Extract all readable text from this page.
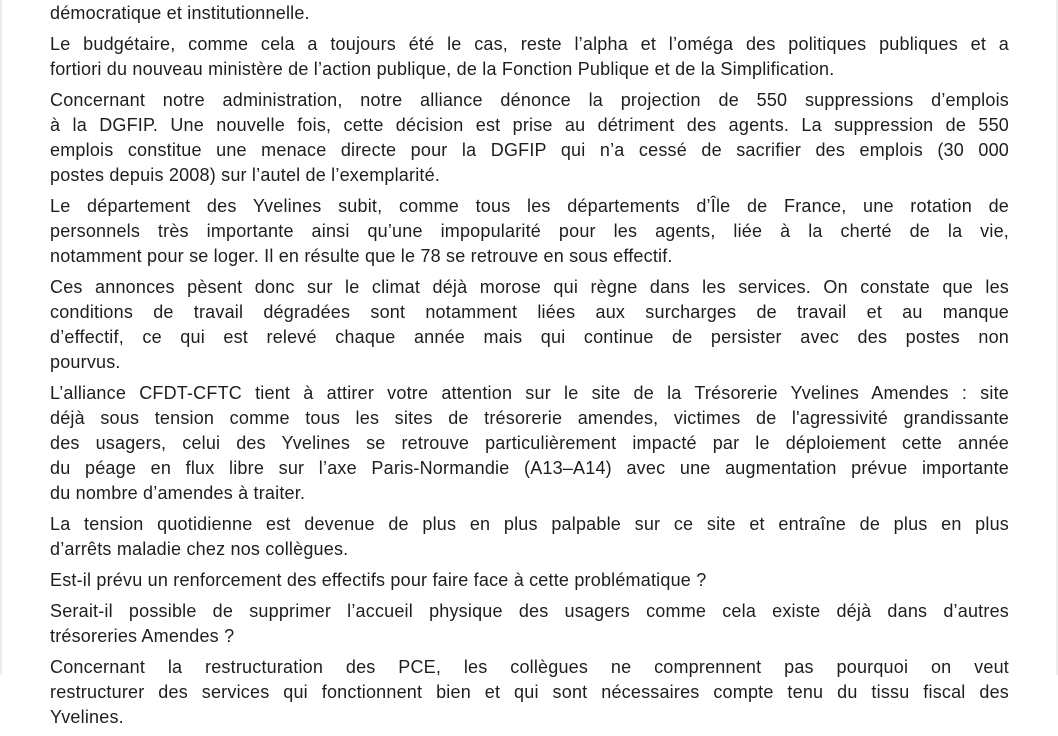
démocratique et institutionnelle.

Le budgétaire, comme cela a toujours été le cas, reste l’alpha et l’oméga des politiques publiques et a
fortiori du nouveau ministère de l’action publique, de la Fonction Publique et de la Simplification.

Concernant notre administration, notre alliance dénonce la projection de 550 suppressions d’emplois
à la DGFIP. Une nouvelle fois, cette décision est prise au détriment des agents. La suppression de 550
emplois constitue une menace directe pour la DGFIP qui n’a cessé de sacrifier des emplois (30 000
postes depuis 2008) sur l’autel de l’exemplarité.

Le département des Yvelines subit, comme tous les départements d’Île de France, une rotation de
personnels très importante ainsi qu’une impopularité pour les agents, liée à la cherté de la vie,
notamment pour se loger. Il en résulte que le 78 se retrouve en sous effectif.

Ces annonces pèsent donc sur le climat déjà morose qui règne dans les services. On constate que les
conditions de travail dégradées sont notamment liées aux surcharges de travail et au manque
d’effectif, ce qui est relevé chaque année mais qui continue de persister avec des postes non
pourvus.

L’alliance CFDT-CFTC tient à attirer votre attention sur le site de la Trésorerie Yvelines Amendes : site
déjà sous tension comme tous les sites de trésorerie amendes, victimes de l'agressivité grandissante
des usagers, celui des Yvelines se retrouve particulièrement impacté par le déploiement cette année
du péage en flux libre sur l’axe Paris-Normandie (A13–A14) avec une augmentation prévue importante
du nombre d’amendes à traiter.

La tension quotidienne est devenue de plus en plus palpable sur ce site et entraîne de plus en plus
d’arrêts maladie chez nos collègues.

Est-il prévu un renforcement des effectifs pour faire face à cette problématique ?

Serait-il possible de supprimer l’accueil physique des usagers comme cela existe déjà dans d’autres
trésoreries Amendes ?

Concernant la restructuration des PCE, les collègues ne comprennent pas pourquoi on veut
restructurer des services qui fonctionnent bien et qui sont nécessaires compte tenu du tissu fiscal des
Yvelines.
